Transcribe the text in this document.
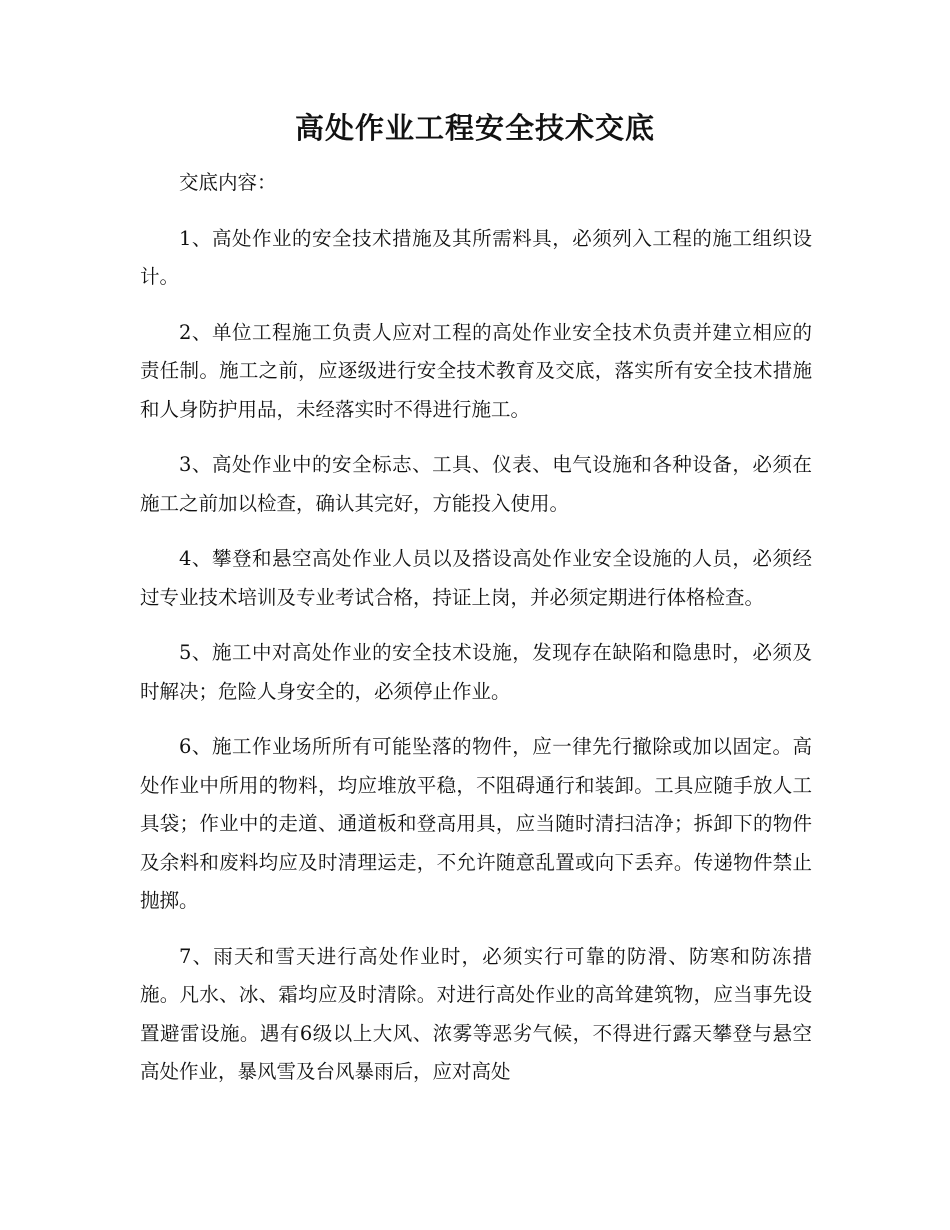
高处作业工程安全技术交底

交底内容：

1、高处作业的安全技术措施及其所需料具，必须列入工程的施工组织设计。

2、单位工程施工负责人应对工程的高处作业安全技术负责并建立相应的责任制。施工之前，应逐级进行安全技术教育及交底，落实所有安全技术措施和人身防护用品，未经落实时不得进行施工。

3、高处作业中的安全标志、工具、仪表、电气设施和各种设备，必须在施工之前加以检查，确认其完好，方能投入使用。

4、攀登和悬空高处作业人员以及搭设高处作业安全设施的人员，必须经过专业技术培训及专业考试合格，持证上岗，并必须定期进行体格检查。

5、施工中对高处作业的安全技术设施，发现存在缺陷和隐患时，必须及时解决；危险人身安全的，必须停止作业。

6、施工作业场所所有可能坠落的物件，应一律先行撤除或加以固定。高处作业中所用的物料，均应堆放平稳，不阻碍通行和装卸。工具应随手放人工具袋；作业中的走道、通道板和登高用具，应当随时清扫洁净；拆卸下的物件及余料和废料均应及时清理运走，不允许随意乱置或向下丢弃。传递物件禁止抛掷。

7、雨天和雪天进行高处作业时，必须实行可靠的防滑、防寒和防冻措施。凡水、冰、霜均应及时清除。对进行高处作业的高耸建筑物，应当事先设置避雷设施。遇有6级以上大风、浓雾等恶劣气候，不得进行露天攀登与悬空高处作业，暴风雪及台风暴雨后，应对高处
